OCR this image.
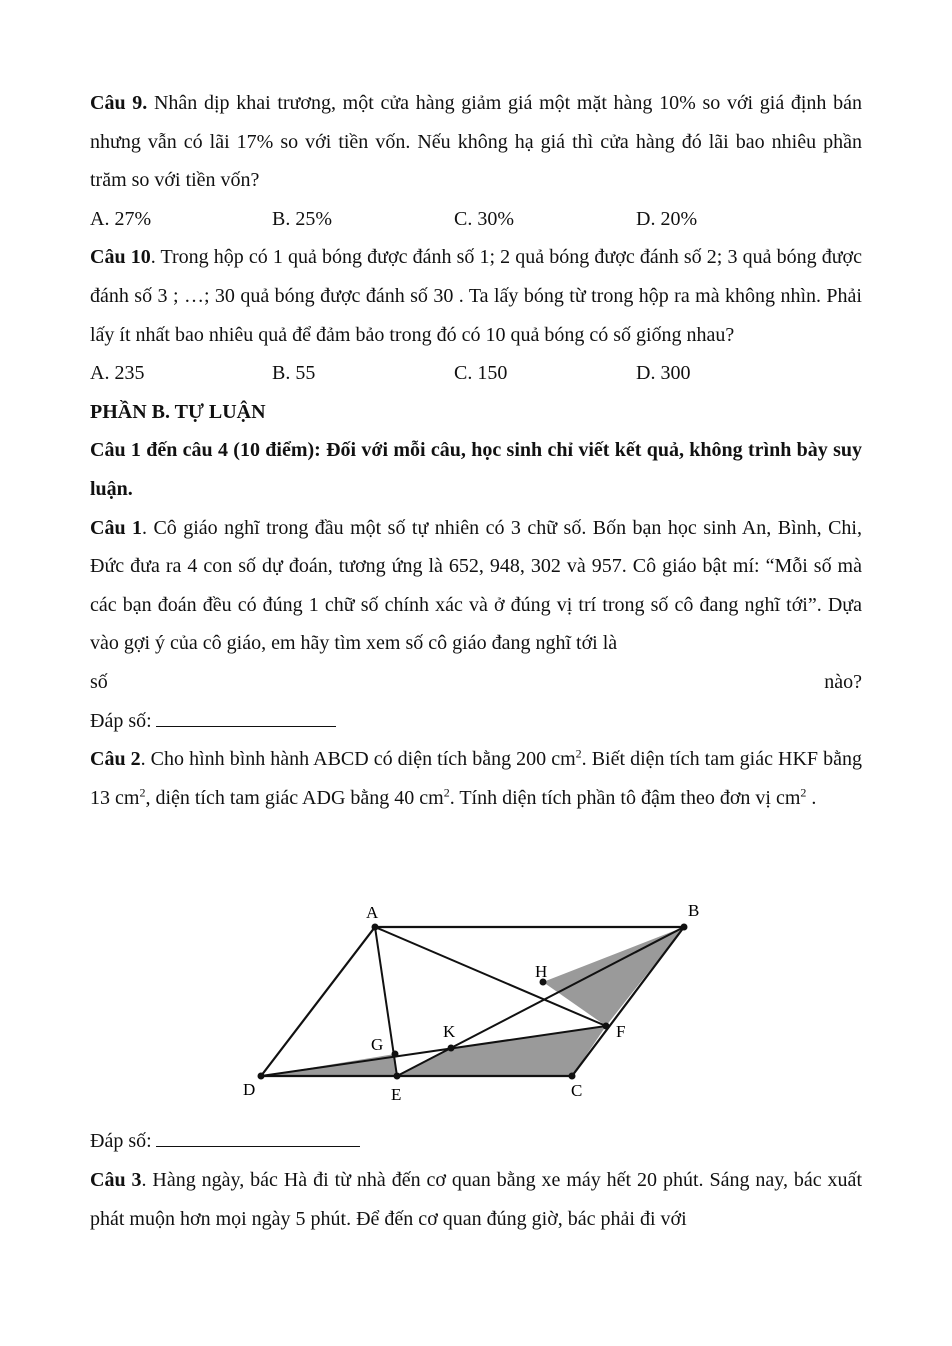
Câu 9. Nhân dịp khai trương, một cửa hàng giảm giá một mặt hàng 10% so với giá định bán nhưng vẫn có lãi 17% so với tiền vốn. Nếu không hạ giá thì cửa hàng đó lãi bao nhiêu phần trăm so với tiền vốn?

A. 27%	B. 25%	C. 30%	D. 20%

Câu 10. Trong hộp có 1 quả bóng được đánh số 1; 2 quả bóng được đánh số 2; 3 quả bóng được đánh số 3 ; …; 30 quả bóng được đánh số 30 . Ta lấy bóng từ trong hộp ra mà không nhìn. Phải lấy ít nhất bao nhiêu quả để đảm bảo trong đó có 10 quả bóng có số giống nhau?

A. 235	B. 55	C. 150	D. 300

PHẦN B. TỰ LUẬN

Câu 1 đến câu 4 (10 điểm): Đối với mỗi câu, học sinh chỉ viết kết quả, không trình bày suy luận.

Câu 1. Cô giáo nghĩ trong đầu một số tự nhiên có 3 chữ số. Bốn bạn học sinh An, Bình, Chi, Đức đưa ra 4 con số dự đoán, tương ứng là 652, 948, 302 và 957. Cô giáo bật mí: “Mỗi số mà các bạn đoán đều có đúng 1 chữ số chính xác và ở đúng vị trí trong số cô đang nghĩ tới”. Dựa vào gợi ý của cô giáo, em hãy tìm xem số cô giáo đang nghĩ tới là

số	nào?
Đáp số:

Câu 2. Cho hình bình hành ABCD có diện tích bằng 200 $cm^2$. Biết diện tích tam giác HKF bằng 13 $cm^2$, diện tích tam giác ADG bằng 40 $cm^2$. Tính diện tích phần tô đậm theo đơn vị $cm^2$ .

A	B
C
D	E
F
G
H
K
Đáp số:

Câu 3. Hàng ngày, bác Hà đi từ nhà đến cơ quan bằng xe máy hết 20 phút. Sáng nay, bác xuất phát muộn hơn mọi ngày 5 phút. Để đến cơ quan đúng giờ, bác phải đi với
